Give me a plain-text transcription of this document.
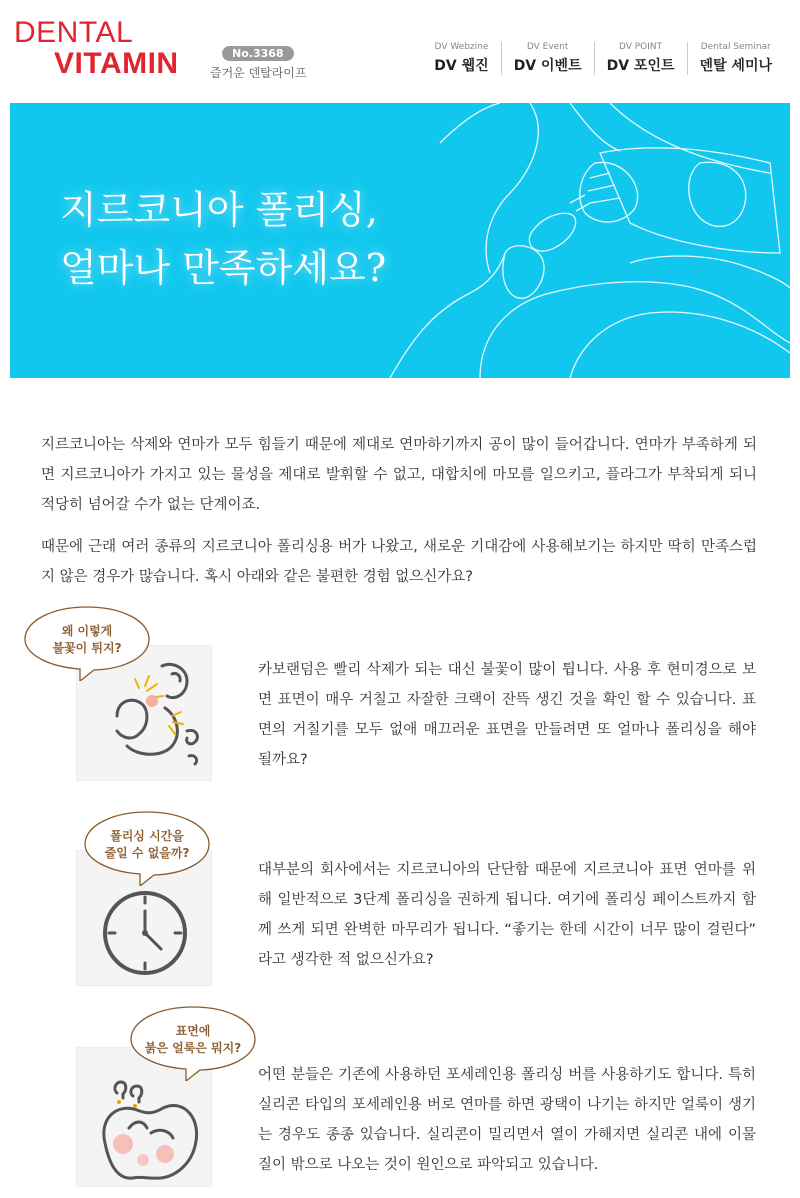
DENTAL
VITAMIN	No.3368
즐거운 덴탈라이프
DV Webzine
DV 웹진
DV Event
DV 이벤트
DV POINT
DV 포인트
Dental Seminar
덴탈 세미나
지르코니아 폴리싱,
얼마나 만족하세요?

지르코니아는 삭제와 연마가 모두 힘들기 때문에 제대로 연마하기까지 공이 많이 들어갑니다. 연마가 부족하게 되면 지르코니아가 가지고 있는 물성을 제대로 발휘할 수 없고, 대합치에 마모를 일으키고, 플라그가 부착되게 되니 적당히 넘어갈 수가 없는 단계이죠.

때문에 근래 여러 종류의 지르코니아 폴리싱용 버가 나왔고, 새로운 기대감에 사용해보기는 하지만 딱히 만족스럽지 않은 경우가 많습니다. 혹시 아래와 같은 불편한 경험 없으신가요?

왜 이렇게
불꽃이 튀지?

카보랜덤은 빨리 삭제가 되는 대신 불꽃이 많이 튑니다. 사용 후 현미경으로 보면 표면이 매우 거칠고 자잘한 크랙이 잔뜩 생긴 것을 확인 할 수 있습니다. 표면의 거칠기를 모두 없애 매끄러운 표면을 만들려면 또 얼마나 폴리싱을 해야 될까요?

폴리싱 시간을
줄일 수 없을까?

대부분의 회사에서는 지르코니아의 단단함 때문에 지르코니아 표면 연마를 위해 일반적으로 3단계 폴리싱을 권하게 됩니다. 여기에 폴리싱 페이스트까지 함께 쓰게 되면 완벽한 마무리가 됩니다. “좋기는 한데 시간이 너무 많이 걸린다” 라고 생각한 적 없으신가요?

표면에
붉은 얼룩은 뭐지?

어떤 분들은 기존에 사용하던 포세레인용 폴리싱 버를 사용하기도 합니다. 특히 실리콘 타입의 포세레인용 버로 연마를 하면 광택이 나기는 하지만 얼룩이 생기는 경우도 종종 있습니다. 실리콘이 밀리면서 열이 가해지면 실리콘 내에 이물질이 밖으로 나오는 것이 원인으로 파악되고 있습니다.
